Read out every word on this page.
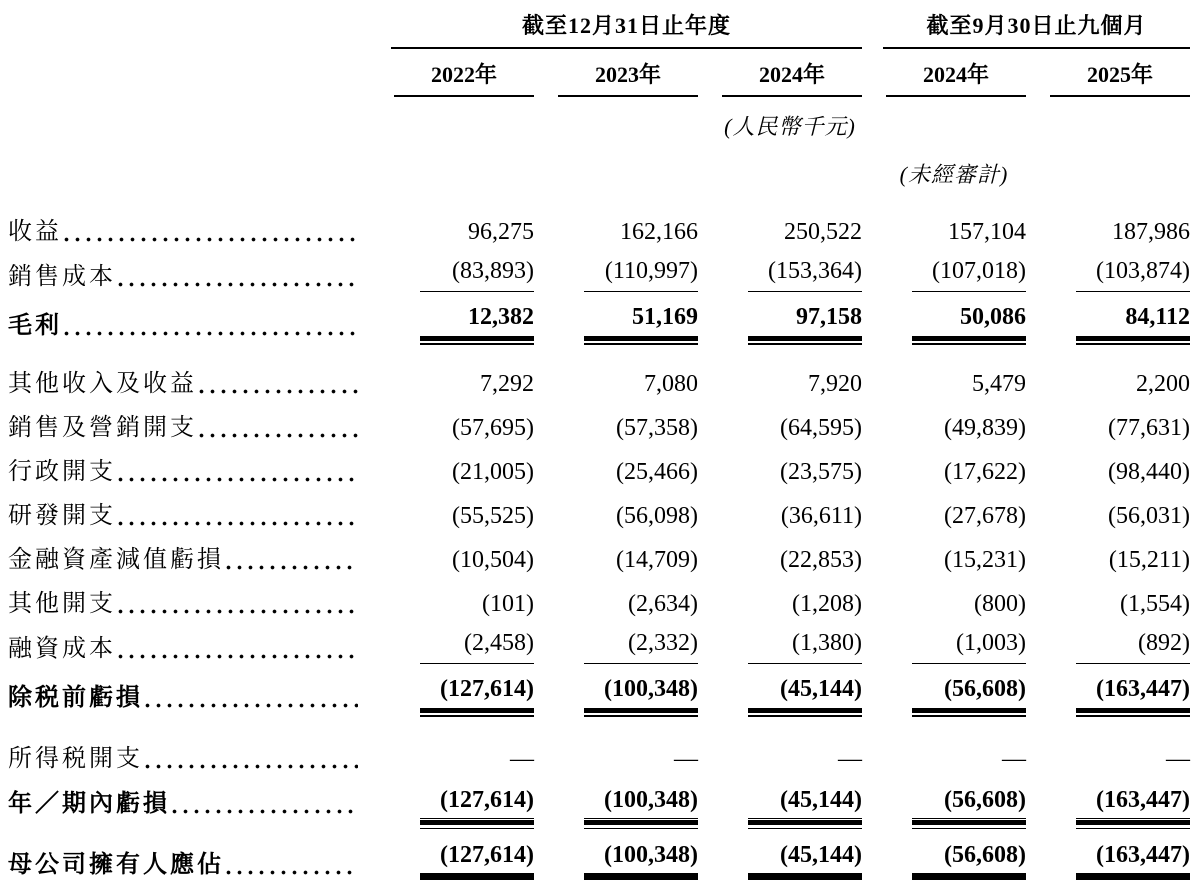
截至12月31日止年度	截至9月30日止九個月
2022年	2023年	2024年	2024年	2025年
(人民幣千元)
(未經審計)
收益	96,275	162,166	250,522	157,104	187,986
銷售成本	(83,893)	(110,997)	(153,364)	(107,018)	(103,874)
毛利	12,382	51,169	97,158	50,086	84,112
其他收入及收益	7,292	7,080	7,920	5,479	2,200
銷售及營銷開支	(57,695)	(57,358)	(64,595)	(49,839)	(77,631)
行政開支	(21,005)	(25,466)	(23,575)	(17,622)	(98,440)
研發開支	(55,525)	(56,098)	(36,611)	(27,678)	(56,031)
金融資產減值虧損	(10,504)	(14,709)	(22,853)	(15,231)	(15,211)
其他開支	(101)	(2,634)	(1,208)	(800)	(1,554)
融資成本	(2,458)	(2,332)	(1,380)	(1,003)	(892)
除税前虧損	(127,614)	(100,348)	(45,144)	(56,608)	(163,447)
所得税開支	—	—	—	—	—
年／期內虧損	(127,614)	(100,348)	(45,144)	(56,608)	(163,447)
母公司擁有人應佔	(127,614)	(100,348)	(45,144)	(56,608)	(163,447)
